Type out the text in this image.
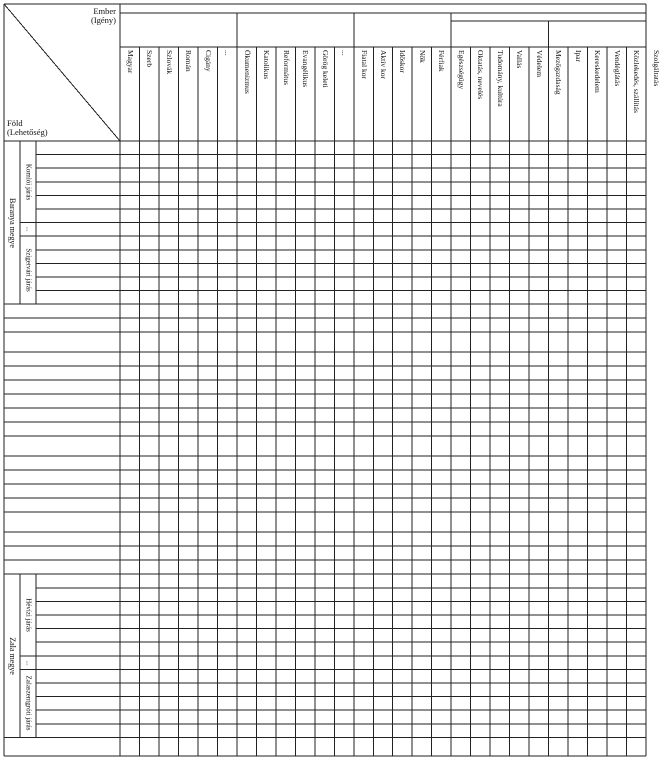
Ember
(Igény)
Föld
(Lehetőség)
Magyar Szerb Szlovák Román Cigány ... Ökumenizmus Katolikus Református Evangélikus Görög keleti ... Fiatal kor Aktív kor Időskor Nők Férfiak Egészségügy Oktatás, nevelés Tudomány, kultúra Vallás Védelem Mezőgazdaság Ipar Kereskedelem Vendéglátás Közlekedés, szállítás Szolgáltatás
Komlói járás
...
Szigetvári járás
Baranya megye
Hévízi járás
...
Zalaszentgróti járás
Zala megye
